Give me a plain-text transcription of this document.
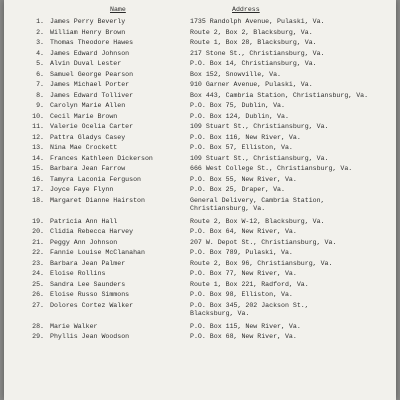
Name	Address
1. James Perry Beverly	1735 Randolph Avenue, Pulaski, Va.
2. William Henry Brown	Route 2, Box 2, Blacksburg, Va.
3. Thomas Theodore Hawes	Route 1, Box 28, Blacksburg, Va.
4. James Edward Johnson	217 Stone St., Christiansburg, Va.
5. Alvin Duval Lester	P.O. Box 14, Christiansburg, Va.
6. Samuel George Pearson	Box 152, Snowville, Va.
7. James Michael Porter	910 Garner Avenue, Pulaski, Va.
8. James Edward Tolliver	Box 443, Cambria Station, Christiansburg, Va.
9. Carolyn Marie Allen	P.O. Box 75, Dublin, Va.
10. Cecil Marie Brown	P.O. Box 124, Dublin, Va.
11. Valerie Ocelia Carter	109 Stuart St., Christiansburg, Va.
12. Pattra Gladys Casey	P.O. Box 116, New River, Va.
13. Nina Mae Crockett	P.O. Box 57, Elliston, Va.
14. Frances Kathleen Dickerson	109 Stuart St., Christiansburg, Va.
15. Barbara Jean Farrow	666 West College St., Christiansburg, Va.
16. Tamyra Laconia Ferguson	P.O. Box 55, New River, Va.
17. Joyce Faye Flynn	P.O. Box 25, Draper, Va.
18. Margaret Dianne Hairston	General Delivery, Cambria Station,
Christiansburg, Va.
19. Patricia Ann Hall	Route 2, Box W-12, Blacksburg, Va.
20. Clidia Rebecca Harvey	P.O. Box 64, New River, Va.
21. Peggy Ann Johnson	207 W. Depot St., Christiansburg, Va.
22. Fannie Louise McClanahan	P.O. Box 789, Pulaski, Va.
23. Barbara Jean Palmer	Route 2, Box 96, Christiansburg, Va.
24. Eloise Rollins	P.O. Box 77, New River, Va.
25. Sandra Lee Saunders	Route 1, Box 221, Radford, Va.
26. Eloise Russo Simmons	P.O. Box 98, Elliston, Va.
27. Dolores Cortez Walker	P.O. Box 345, 202 Jackson St.,
Blacksburg, Va.
28. Marie Walker	P.O. Box 115, New River, Va.
29. Phyllis Jean Woodson	P.O. Box 68, New River, Va.
